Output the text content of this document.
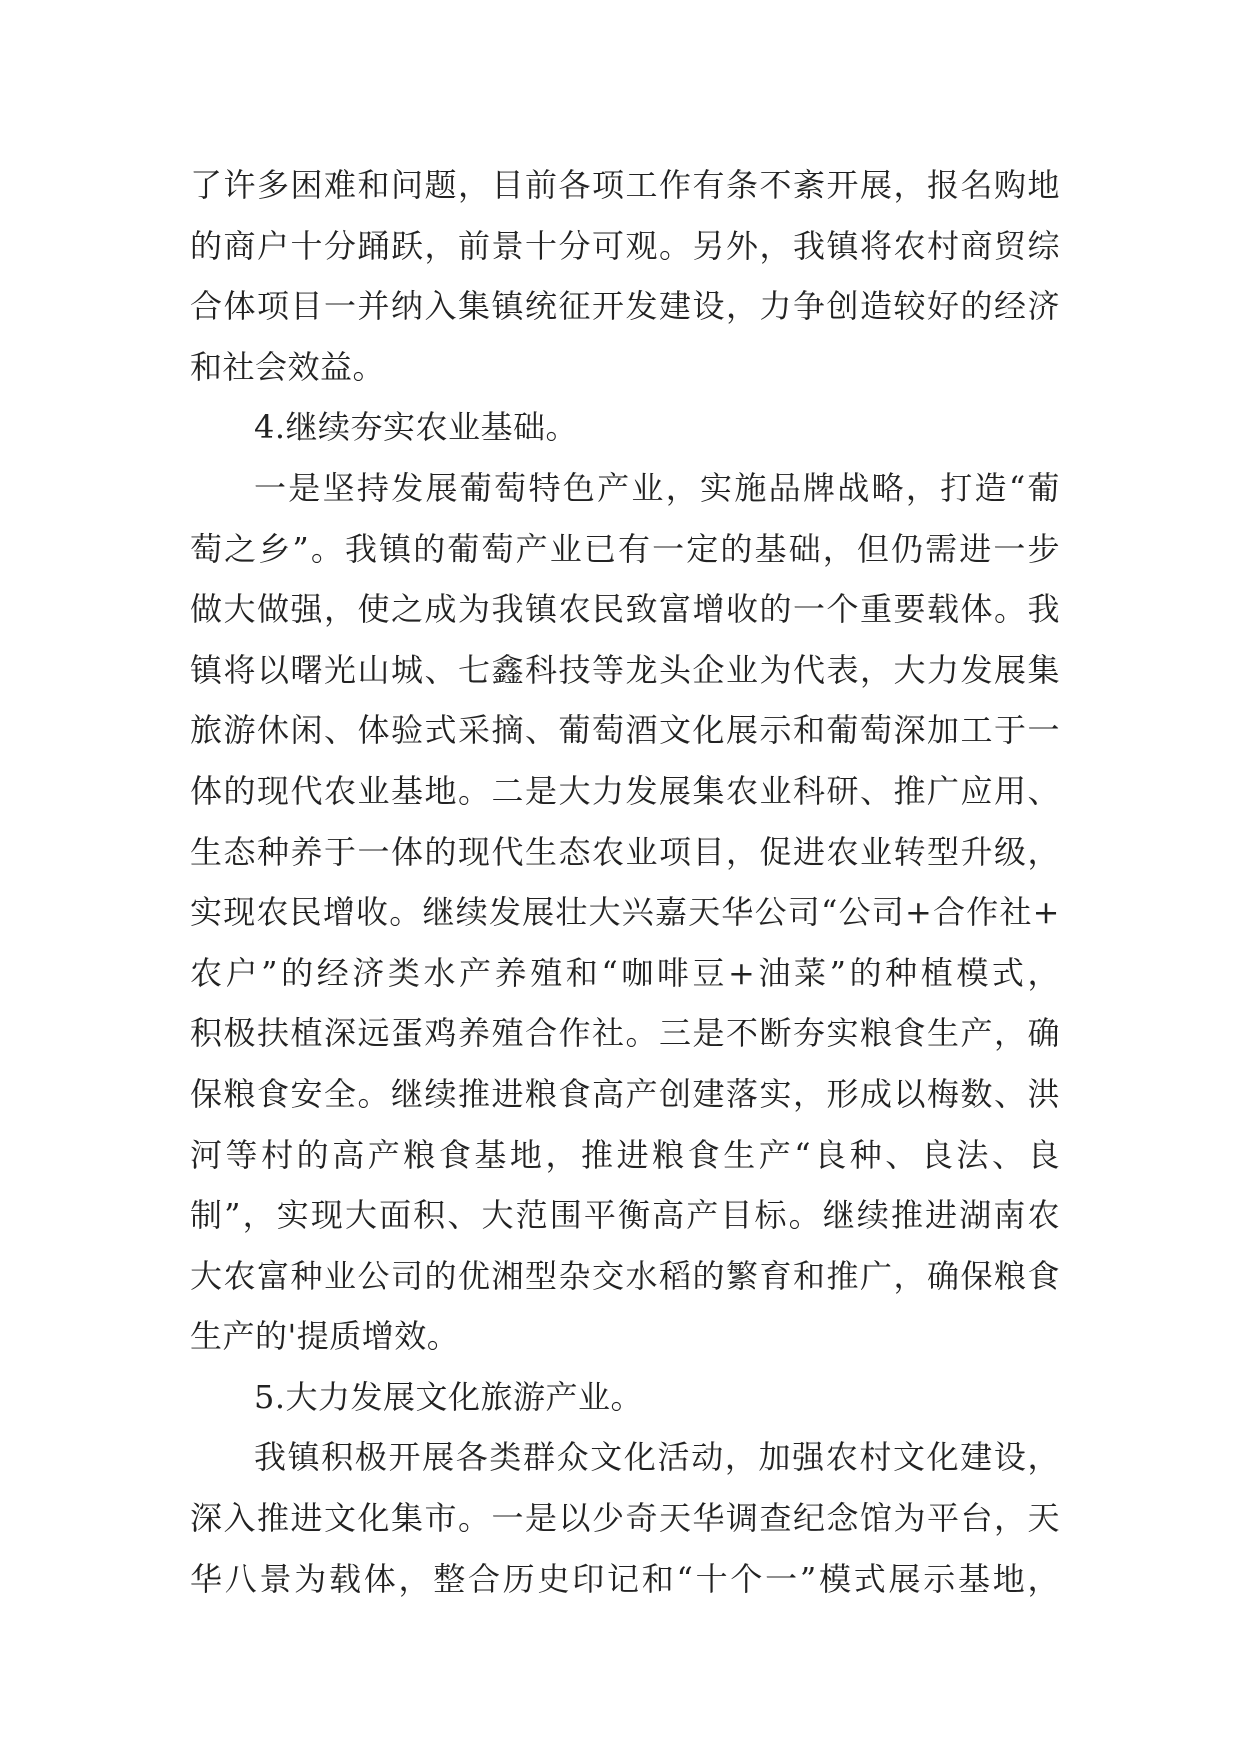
了许多困难和问题，目前各项工作有条不紊开展，报名购地
的商户十分踊跃，前景十分可观。另外，我镇将农村商贸综
合体项目一并纳入集镇统征开发建设，力争创造较好的经济
和社会效益。
4.继续夯实农业基础。
一是坚持发展葡萄特色产业，实施品牌战略，打造“葡
萄之乡”。我镇的葡萄产业已有一定的基础，但仍需进一步
做大做强，使之成为我镇农民致富增收的一个重要载体。我
镇将以曙光山城、七鑫科技等龙头企业为代表，大力发展集
旅游休闲、体验式采摘、葡萄酒文化展示和葡萄深加工于一
体的现代农业基地。二是大力发展集农业科研、推广应用、
生态种养于一体的现代生态农业项目，促进农业转型升级，
实现农民增收。继续发展壮大兴嘉天华公司“公司+合作社+
农户”的经济类水产养殖和“咖啡豆+油菜”的种植模式，
积极扶植深远蛋鸡养殖合作社。三是不断夯实粮食生产，确
保粮食安全。继续推进粮食高产创建落实，形成以梅数、洪
河等村的高产粮食基地，推进粮食生产“良种、良法、良
制”，实现大面积、大范围平衡高产目标。继续推进湖南农
大农富种业公司的优湘型杂交水稻的繁育和推广，确保粮食
生产的'提质增效。
5.大力发展文化旅游产业。
我镇积极开展各类群众文化活动，加强农村文化建设，
深入推进文化集市。一是以少奇天华调查纪念馆为平台，天
华八景为载体，整合历史印记和“十个一”模式展示基地，
